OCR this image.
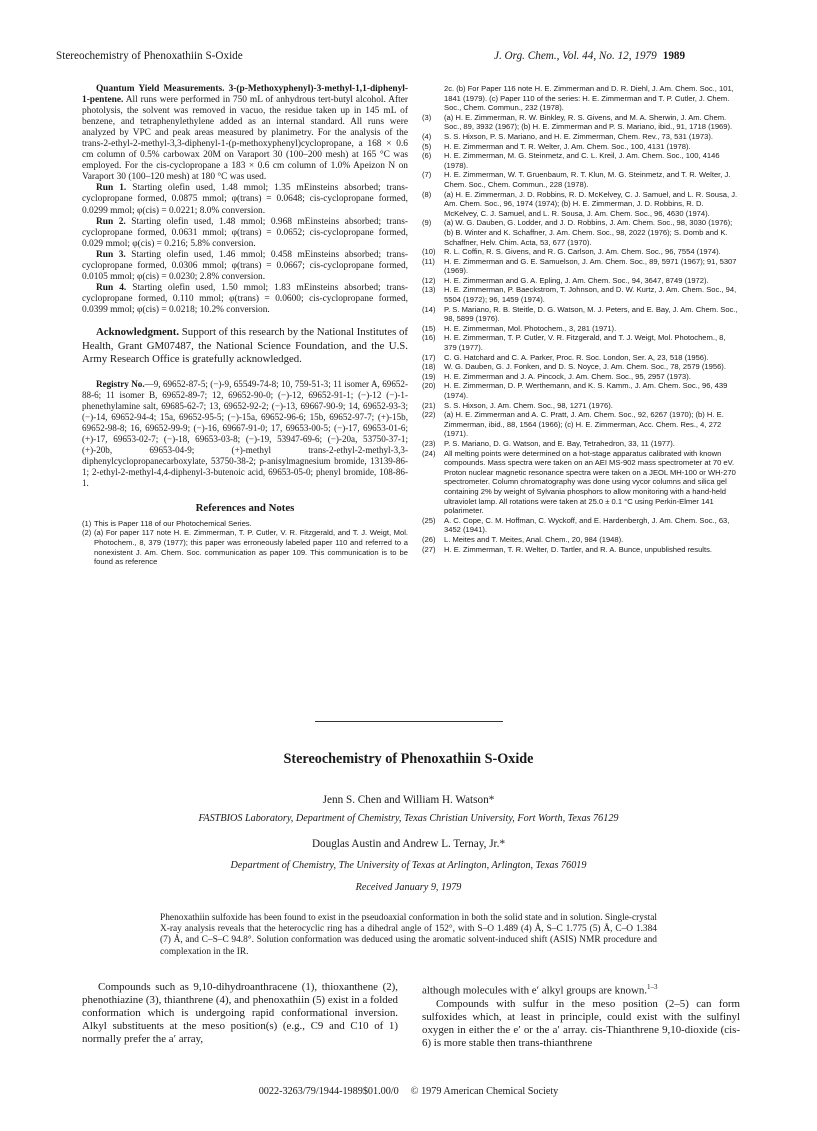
Stereochemistry of Phenoxathiin S-Oxide	J. Org. Chem., Vol. 44, No. 12, 1979 1989

Quantum Yield Measurements. 3-(p-Methoxyphenyl)-3-methyl-1,1-diphenyl-1-pentene. All runs were performed in 750 mL of anhydrous tert-butyl alcohol. After photolysis, the solvent was removed in vacuo, the residue taken up in 145 mL of benzene, and tetraphenylethylene added as an internal standard. All runs were analyzed by VPC and peak areas measured by planimetry. For the analysis of the trans-2-ethyl-2-methyl-3,3-diphenyl-1-(p-methoxyphenyl)cyclopropane, a 168 × 0.6 cm column of 0.5% carbowax 20M on Varaport 30 (100–200 mesh) at 165 °C was employed. For the cis-cyclopropane a 183 × 0.6 cm column of 1.0% Apeizon N on Varaport 30 (100–120 mesh) at 180 °C was used.

Run 1. Starting olefin used, 1.48 mmol; 1.35 mEinsteins absorbed; trans-cyclopropane formed, 0.0875 mmol; φ(trans) = 0.0648; cis-cyclopropane formed, 0.0299 mmol; φ(cis) = 0.0221; 8.0% conversion.

Run 2. Starting olefin used, 1.48 mmol; 0.968 mEinsteins absorbed; trans-cyclopropane formed, 0.0631 mmol; φ(trans) = 0.0652; cis-cyclopropane formed, 0.029 mmol; φ(cis) = 0.216; 5.8% conversion.

Run 3. Starting olefin used, 1.46 mmol; 0.458 mEinsteins absorbed; trans-cyclopropane formed, 0.0306 mmol; φ(trans) = 0.0667; cis-cyclopropane formed, 0.0105 mmol; φ(cis) = 0.0230; 2.8% conversion.

Run 4. Starting olefin used, 1.50 mmol; 1.83 mEinsteins absorbed; trans-cyclopropane formed, 0.110 mmol; φ(trans) = 0.0600; cis-cyclopropane formed, 0.0399 mmol; φ(cis) = 0.0218; 10.2% conversion.

Acknowledgment. Support of this research by the National Institutes of Health, Grant GM07487, the National Science Foundation, and the U.S. Army Research Office is gratefully acknowledged.

Registry No.—9, 69652-87-5; (−)-9, 65549-74-8; 10, 759-51-3; 11 isomer A, 69652-88-6; 11 isomer B, 69652-89-7; 12, 69652-90-0; (−)-12, 69652-91-1; (−)-12 (−)-1-phenethylamine salt, 69685-62-7; 13, 69652-92-2; (−)-13, 69667-90-9; 14, 69652-93-3; (−)-14, 69652-94-4; 15a, 69652-95-5; (−)-15a, 69652-96-6; 15b, 69652-97-7; (+)-15b, 69652-98-8; 16, 69652-99-9; (−)-16, 69667-91-0; 17, 69653-00-5; (−)-17, 69653-01-6; (+)-17, 69653-02-7; (−)-18, 69653-03-8; (−)-19, 53947-69-6; (−)-20a, 53750-37-1; (+)-20b, 69653-04-9; (+)-methyl trans-2-ethyl-2-methyl-3,3-diphenylcyclopropanecarboxylate, 53750-38-2; p-anisylmagnesium bromide, 13139-86-1; 2-ethyl-2-methyl-4,4-diphenyl-3-butenoic acid, 69653-05-0; phenyl bromide, 108-86-1.

References and Notes

(1) This is Paper 118 of our Photochemical Series.
(2) (a) For paper 117 note H. E. Zimmerman, T. P. Cutler, V. R. Fitzgerald, and T. J. Weigt, Mol. Photochem., 8, 379 (1977); this paper was erroneously labeled paper 110 and referred to a nonexistent J. Am. Chem. Soc. communication as paper 109. This communication is to be found as reference
2c. (b) For Paper 116 note H. E. Zimmerman and D. R. Diehl, J. Am. Chem. Soc., 101, 1841 (1979). (c) Paper 110 of the series: H. E. Zimmerman and T. P. Cutler, J. Chem. Soc., Chem. Commun., 232 (1978).
(3) (a) H. E. Zimmerman, R. W. Binkley, R. S. Givens, and M. A. Sherwin, J. Am. Chem. Soc., 89, 3932 (1967); (b) H. E. Zimmerman and P. S. Mariano, ibid., 91, 1718 (1969).
(4) S. S. Hixson, P. S. Mariano, and H. E. Zimmerman, Chem. Rev., 73, 531 (1973).
(5) H. E. Zimmerman and T. R. Welter, J. Am. Chem. Soc., 100, 4131 (1978).
(6) H. E. Zimmerman, M. G. Steinmetz, and C. L. Kreil, J. Am. Chem. Soc., 100, 4146 (1978).
(7) H. E. Zimmerman, W. T. Gruenbaum, R. T. Klun, M. G. Steinmetz, and T. R. Welter, J. Chem. Soc., Chem. Commun., 228 (1978).
(8) (a) H. E. Zimmerman, J. D. Robbins, R. D. McKelvey, C. J. Samuel, and L. R. Sousa, J. Am. Chem. Soc., 96, 1974 (1974); (b) H. E. Zimmerman, J. D. Robbins, R. D. McKelvey, C. J. Samuel, and L. R. Sousa, J. Am. Chem. Soc., 96, 4630 (1974).
(9) (a) W. G. Dauben, G. Lodder, and J. D. Robbins, J. Am. Chem. Soc., 98, 3030 (1976); (b) B. Winter and K. Schaffner, J. Am. Chem. Soc., 98, 2022 (1976); S. Domb and K. Schaffner, Helv. Chim. Acta, 53, 677 (1970).
(10) R. L. Coffin, R. S. Givens, and R. G. Carlson, J. Am. Chem. Soc., 96, 7554 (1974).
(11) H. E. Zimmerman and G. E. Samuelson, J. Am. Chem. Soc., 89, 5971 (1967); 91, 5307 (1969).
(12) H. E. Zimmerman and G. A. Epling, J. Am. Chem. Soc., 94, 3647, 8749 (1972).
(13) H. E. Zimmerman, P. Baeckstrom, T. Johnson, and D. W. Kurtz, J. Am. Chem. Soc., 94, 5504 (1972); 96, 1459 (1974).
(14) P. S. Mariano, R. B. Steitle, D. G. Watson, M. J. Peters, and E. Bay, J. Am. Chem. Soc., 98, 5899 (1976).
(15) H. E. Zimmerman, Mol. Photochem., 3, 281 (1971).
(16) H. E. Zimmerman, T. P. Cutler, V. R. Fitzgerald, and T. J. Weigt, Mol. Photochem., 8, 379 (1977).
(17) C. G. Hatchard and C. A. Parker, Proc. R. Soc. London, Ser. A, 23, 518 (1956).
(18) W. G. Dauben, G. J. Fonken, and D. S. Noyce, J. Am. Chem. Soc., 78, 2579 (1956).
(19) H. E. Zimmerman and J. A. Pincock, J. Am. Chem. Soc., 95, 2957 (1973).
(20) H. E. Zimmerman, D. P. Werthemann, and K. S. Kamm., J. Am. Chem. Soc., 96, 439 (1974).
(21) S. S. Hixson, J. Am. Chem. Soc., 98, 1271 (1976).
(22) (a) H. E. Zimmerman and A. C. Pratt, J. Am. Chem. Soc., 92, 6267 (1970); (b) H. E. Zimmerman, ibid., 88, 1564 (1966); (c) H. E. Zimmerman, Acc. Chem. Res., 4, 272 (1971).
(23) P. S. Mariano, D. G. Watson, and E. Bay, Tetrahedron, 33, 11 (1977).
(24) All melting points were determined on a hot-stage apparatus calibrated with known compounds. Mass spectra were taken on an AEI MS-902 mass spectrometer at 70 eV. Proton nuclear magnetic resonance spectra were taken on a JEOL MH-100 or WH-270 spectrometer. Column chromatography was done using vycor columns and silica gel containing 2% by weight of Sylvania phosphors to allow monitoring with a hand-held ultraviolet lamp. All rotations were taken at 25.0 ± 0.1 °C using Perkin-Elmer 141 polarimeter.
(25) A. C. Cope, C. M. Hoffman, C. Wyckoff, and E. Hardenbergh, J. Am. Chem. Soc., 63, 3452 (1941).
(26) L. Meites and T. Meites, Anal. Chem., 20, 984 (1948).
(27) H. E. Zimmerman, T. R. Welter, D. Tartler, and R. A. Bunce, unpublished results.
Stereochemistry of Phenoxathiin S-Oxide
Jenn S. Chen and William H. Watson*
FASTBIOS Laboratory, Department of Chemistry, Texas Christian University, Fort Worth, Texas 76129
Douglas Austin and Andrew L. Ternay, Jr.*
Department of Chemistry, The University of Texas at Arlington, Arlington, Texas 76019
Received January 9, 1979
Phenoxathiin sulfoxide has been found to exist in the pseudoaxial conformation in both the solid state and in solution. Single-crystal X-ray analysis reveals that the heterocyclic ring has a dihedral angle of 152°, with S–O 1.489 (4) Å, S–C 1.775 (5) Å, C–O 1.384 (7) Å, and C–S–C 94.8°. Solution conformation was deduced using the aromatic solvent-induced shift (ASIS) NMR procedure and complexation in the IR.
Compounds such as 9,10-dihydroanthracene (1), thioxanthene (2), phenothiazine (3), thianthrene (4), and phenoxathiin (5) exist in a folded conformation which is undergoing rapid conformational inversion. Alkyl substituents at the meso position(s) (e.g., C9 and C10 of 1) normally prefer the a′ array,

although molecules with e′ alkyl groups are known.$^{1-3}$

Compounds with sulfur in the meso position (2–5) can form sulfoxides which, at least in principle, could exist with the sulfinyl oxygen in either the e′ or the a′ array. cis-Thianthrene 9,10-dioxide (cis-6) is more stable then trans-thianthrene

0022-3263/79/1944-1989$01.00/0 © 1979 American Chemical Society
